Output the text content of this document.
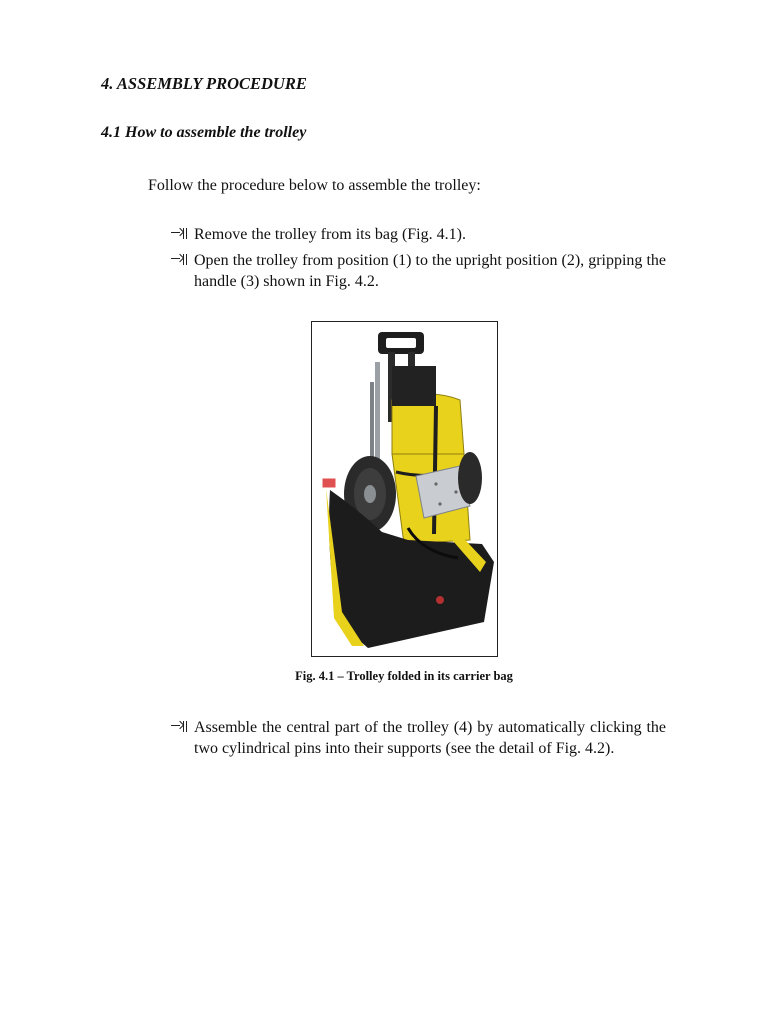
4. ASSEMBLY PROCEDURE
4.1 How to assemble the trolley

Follow the procedure below to assemble the trolley:

Remove the trolley from its bag (Fig. 4.1).
Open the trolley from position (1) to the upright position (2), gripping the handle (3) shown in Fig. 4.2.

Fig. 4.1 – Trolley folded in its carrier bag

Assemble the central part of the trolley (4) by automatically clicking the two cylindrical pins into their supports (see the detail of Fig. 4.2).
